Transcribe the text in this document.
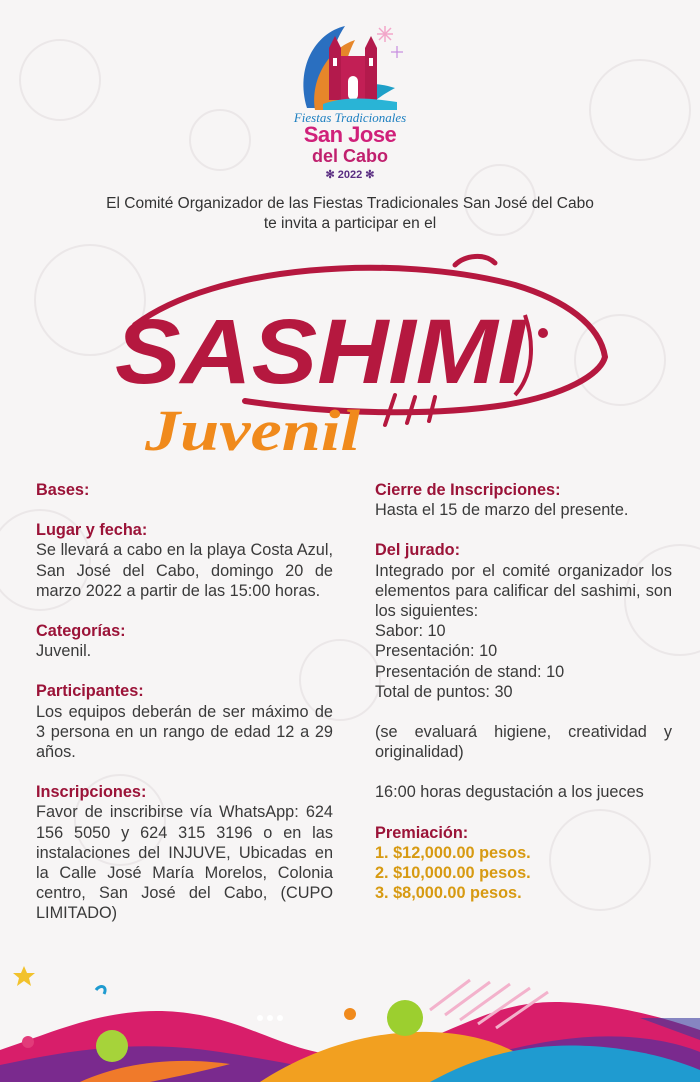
Fiestas Tradicionales
San Jose
del Cabo
✻ 2022 ✻
El Comité Organizador de las Fiestas Tradicionales San José del Cabo
te invita a participar en el
SASHIMI
Juvenil
Bases:
Lugar y fecha:
Se llevará a cabo en la playa Costa Azul, San José del Cabo, domingo 20 de marzo 2022 a partir de las 15:00 horas.
Categorías:
Juvenil.
Participantes:
Los equipos deberán de ser máximo de 3 persona en un rango de edad 12 a 29 años.
Inscripciones:
Favor de inscribirse vía WhatsApp: 624 156 5050 y 624 315 3196 o en las instalaciones del INJUVE, Ubicadas en la Calle José María Morelos, Colonia centro, San José del Cabo, (CUPO LIMITADO)
Cierre de Inscripciones:
Hasta el 15 de marzo del presente.
Del jurado:
Integrado por el comité organizador los elementos para calificar del sashimi, son los siguientes:
Sabor: 10
Presentación: 10
Presentación de stand: 10
Total de puntos: 30
(se evaluará higiene, creatividad y originalidad)
16:00 horas degustación a los jueces
Premiación:
1. $12,000.00 pesos.
2. $10,000.00 pesos.
3. $8,000.00 pesos.
